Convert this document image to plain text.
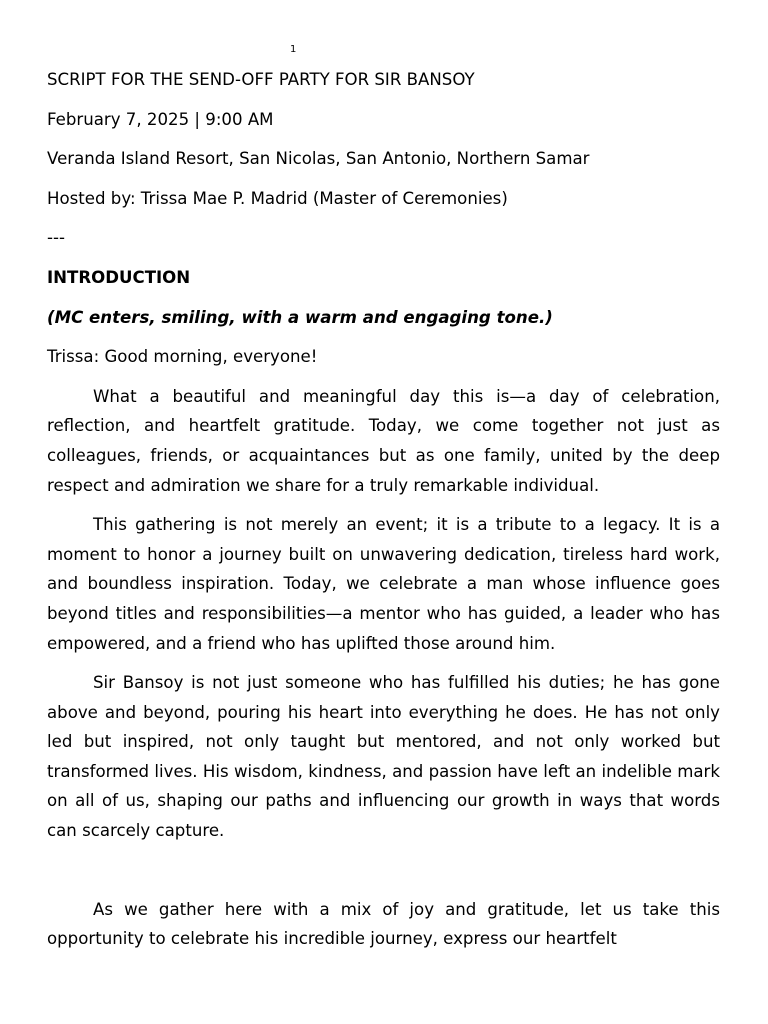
1
SCRIPT FOR THE SEND-OFF PARTY FOR SIR BANSOY
February 7, 2025 | 9:00 AM
Veranda Island Resort, San Nicolas, San Antonio, Northern Samar
Hosted by: Trissa Mae P. Madrid (Master of Ceremonies)
---
INTRODUCTION
(MC enters, smiling, with a warm and engaging tone.)
Trissa: Good morning, everyone!

What a beautiful and meaningful day this is—a day of celebration, reflection, and heartfelt gratitude. Today, we come together not just as colleagues, friends, or acquaintances but as one family, united by the deep respect and admiration we share for a truly remarkable individual.

This gathering is not merely an event; it is a tribute to a legacy. It is a moment to honor a journey built on unwavering dedication, tireless hard work, and boundless inspiration. Today, we celebrate a man whose influence goes beyond titles and responsibilities—a mentor who has guided, a leader who has empowered, and a friend who has uplifted those around him.

Sir Bansoy is not just someone who has fulfilled his duties; he has gone above and beyond, pouring his heart into everything he does. He has not only led but inspired, not only taught but mentored, and not only worked but transformed lives. His wisdom, kindness, and passion have left an indelible mark on all of us, shaping our paths and influencing our growth in ways that words can scarcely capture.

As we gather here with a mix of joy and gratitude, let us take this opportunity to celebrate his incredible journey, express our heartfelt
